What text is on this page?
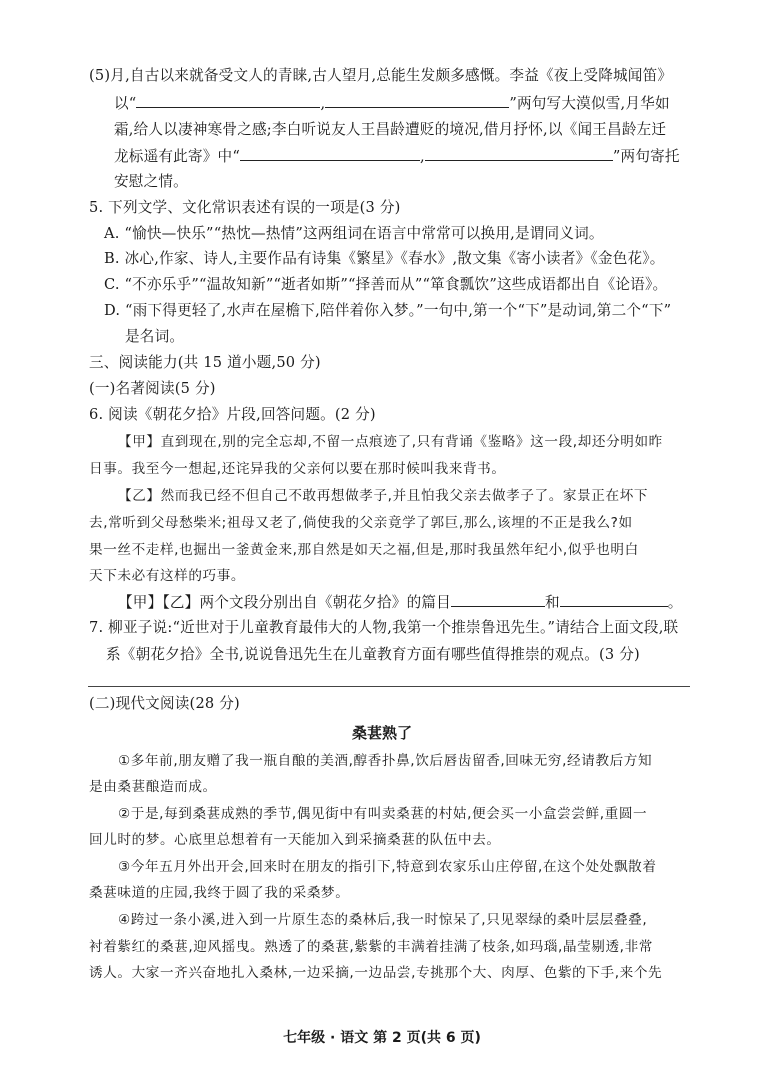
(5)月,自古以来就备受文人的青睐,古人望月,总能生发颇多感慨。李益《夜上受降城闻笛》
以“	,	”两句写大漠似雪,月华如
霜,给人以凄神寒骨之感;李白听说友人王昌龄遭贬的境况,借月抒怀,以《闻王昌龄左迁
龙标遥有此寄》中“	,	”两句寄托
安慰之情。
5. 下列文学、文化常识表述有误的一项是(3 分)
A. “愉快—快乐”“热忱—热情”这两组词在语言中常常可以换用,是谓同义词。
B. 冰心,作家、诗人,主要作品有诗集《繁星》《春水》,散文集《寄小读者》《金色花》。
C. “不亦乐乎”“温故知新”“逝者如斯”“择善而从”“箪食瓢饮”这些成语都出自《论语》。
D. “雨下得更轻了,水声在屋檐下,陪伴着你入梦。”一句中,第一个“下”是动词,第二个“下”
是名词。
三、阅读能力(共 15 道小题,50 分)
(一)名著阅读(5 分)
6. 阅读《朝花夕拾》片段,回答问题。(2 分)
【甲】直到现在,别的完全忘却,不留一点痕迹了,只有背诵《鉴略》这一段,却还分明如昨
日事。我至今一想起,还诧异我的父亲何以要在那时候叫我来背书。
【乙】然而我已经不但自己不敢再想做孝子,并且怕我父亲去做孝子了。家景正在坏下
去,常听到父母愁柴米;祖母又老了,倘使我的父亲竟学了郭巨,那么,该埋的不正是我么?如
果一丝不走样,也掘出一釜黄金来,那自然是如天之福,但是,那时我虽然年纪小,似乎也明白
天下未必有这样的巧事。
【甲】【乙】两个文段分别出自《朝花夕拾》的篇目	和	。
7. 柳亚子说:“近世对于儿童教育最伟大的人物,我第一个推崇鲁迅先生。”请结合上面文段,联
系《朝花夕拾》全书,说说鲁迅先生在儿童教育方面有哪些值得推崇的观点。(3 分)
(二)现代文阅读(28 分)
桑葚熟了
①多年前,朋友赠了我一瓶自酿的美酒,醇香扑鼻,饮后唇齿留香,回味无穷,经请教后方知
是由桑葚酿造而成。
②于是,每到桑葚成熟的季节,偶见街中有叫卖桑葚的村姑,便会买一小盒尝尝鲜,重圆一
回儿时的梦。心底里总想着有一天能加入到采摘桑葚的队伍中去。
③今年五月外出开会,回来时在朋友的指引下,特意到农家乐山庄停留,在这个处处飘散着
桑葚味道的庄园,我终于圆了我的采桑梦。
④跨过一条小溪,进入到一片原生态的桑林后,我一时惊呆了,只见翠绿的桑叶层层叠叠,
衬着紫红的桑葚,迎风摇曳。熟透了的桑葚,紫紫的丰满着挂满了枝条,如玛瑙,晶莹剔透,非常
诱人。大家一齐兴奋地扎入桑林,一边采摘,一边品尝,专挑那个大、肉厚、色紫的下手,来个先
七年级 · 语文 第 2 页(共 6 页)
